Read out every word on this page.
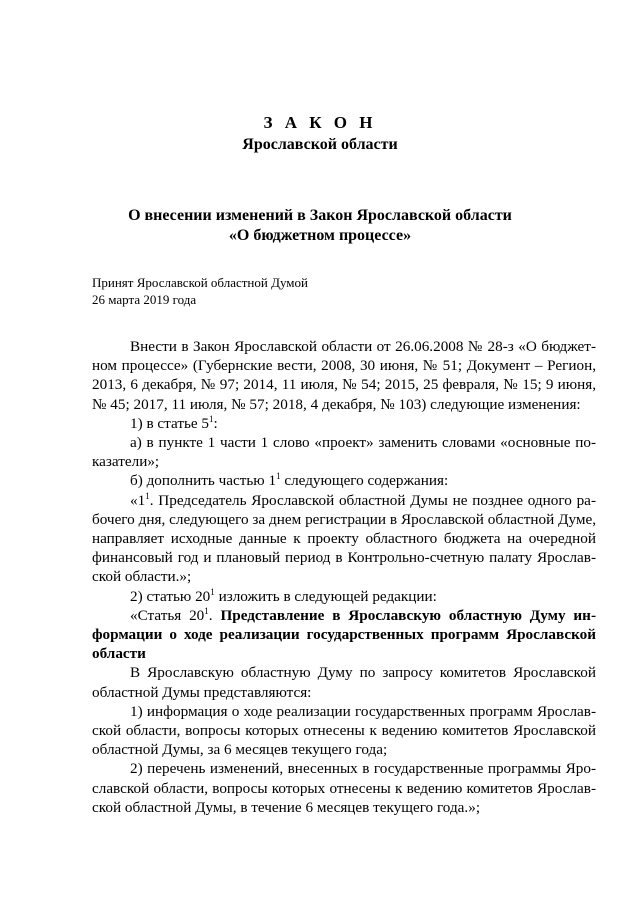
З А К О Н
Ярославской области
О внесении изменений в Закон Ярославской области
«О бюджетном процессе»
Принят Ярославской областной Думой
26 марта 2019 года

Внести в Закон Ярославской области от 26.06.2008 № 28-з «О бюджетном процессе» (Губернские вести, 2008, 30 июня, № 51; Документ – Регион, 2013, 6 декабря, № 97; 2014, 11 июля, № 54; 2015, 25 февраля, № 15; 9 июня, № 45; 2017, 11 июля, № 57; 2018, 4 декабря, № 103) следующие изменения:

1) в статье $5^1$:

а) в пункте 1 части 1 слово «проект» заменить словами «основные показатели»;

б) дополнить частью $1^1$ следующего содержания:

«$1^1$. Председатель Ярославской областной Думы не позднее одного рабочего дня, следующего за днем регистрации в Ярославской областной Думе, направляет исходные данные к проекту областного бюджета на очередной финансовый год и плановый период в Контрольно-счетную палату Ярославской области.»;

2) статью $20^1$ изложить в следующей редакции:

«Статья $20^1$. Представление в Ярославскую областную Думу информации о ходе реализации государственных программ Ярославской области

В Ярославскую областную Думу по запросу комитетов Ярославской областной Думы представляются:

1) информация о ходе реализации государственных программ Ярославской области, вопросы которых отнесены к ведению комитетов Ярославской областной Думы, за 6 месяцев текущего года;

2) перечень изменений, внесенных в государственные программы Ярославской области, вопросы которых отнесены к ведению комитетов Ярославской областной Думы, в течение 6 месяцев текущего года.»;
